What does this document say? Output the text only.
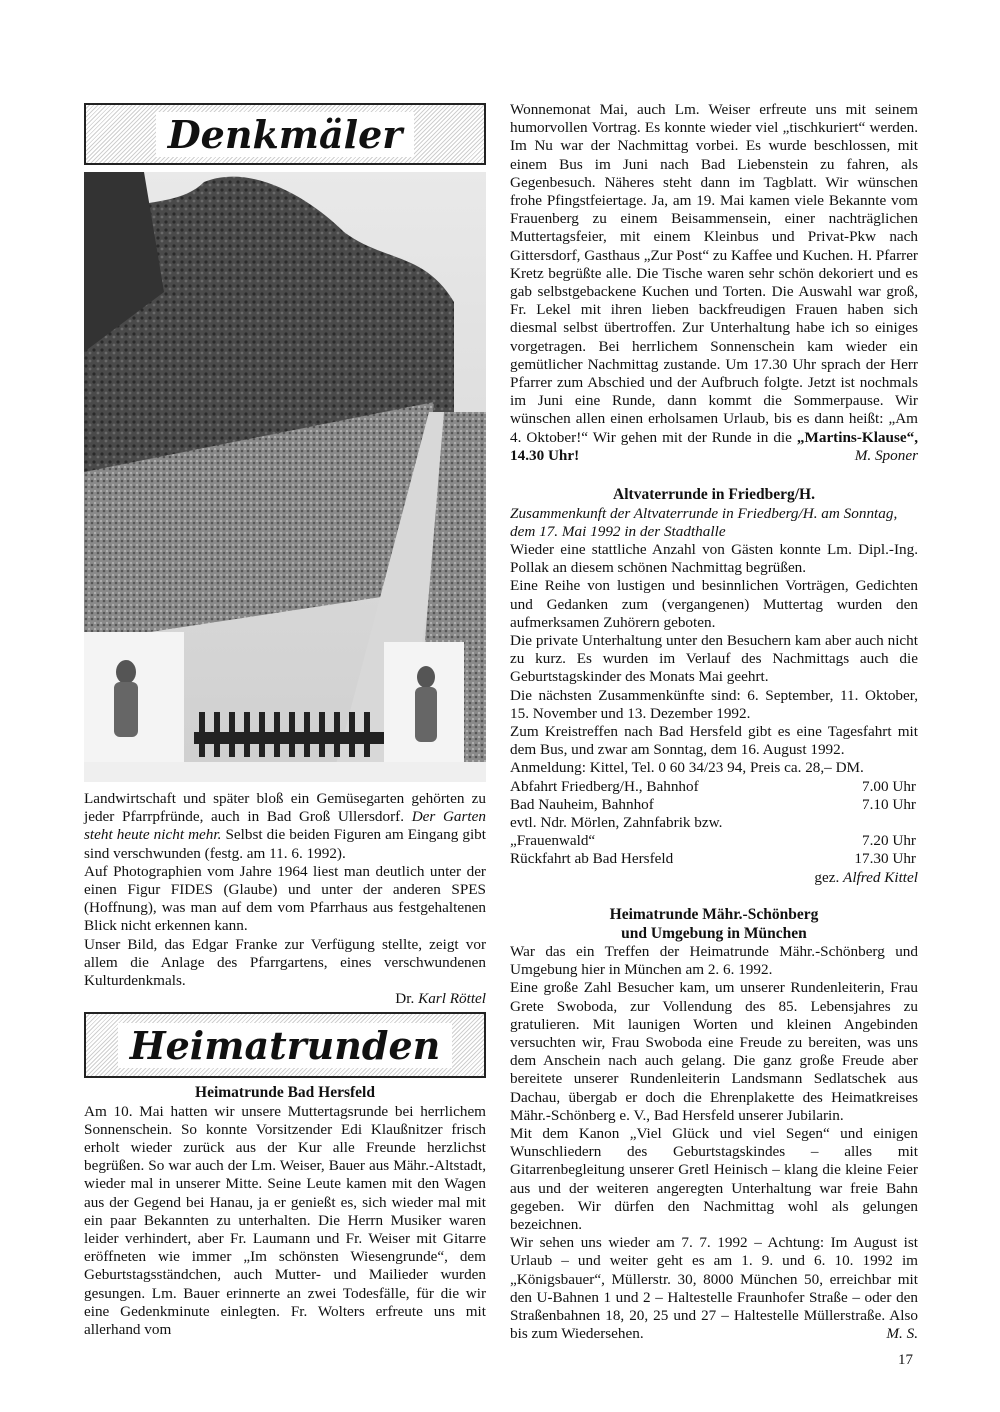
Denkmäler

Landwirtschaft und später bloß ein Gemüsegarten gehörten zu jeder Pfarrpfründe, auch in Bad Groß Ullersdorf. Der Garten steht heute nicht mehr. Selbst die beiden Figuren am Eingang gibt sind verschwunden (festg. am 11. 6. 1992).

Auf Photographien vom Jahre 1964 liest man deutlich unter der einen Figur FIDES (Glaube) und unter der anderen SPES (Hoffnung), was man auf dem vom Pfarrhaus aus festgehaltenen Blick nicht erkennen kann.

Unser Bild, das Edgar Franke zur Verfügung stellte, zeigt vor allem die Anlage des Pfarrgartens, eines verschwundenen Kulturdenkmals.

Dr. Karl Röttel
Heimatrunden
Heimatrunde Bad Hersfeld

Am 10. Mai hatten wir unsere Muttertagsrunde bei herrlichem Sonnenschein. So konnte Vorsitzender Edi Klaußnitzer frisch erholt wieder zurück aus der Kur alle Freunde herzlichst begrüßen. So war auch der Lm. Weiser, Bauer aus Mähr.-Altstadt, wieder mal in unserer Mitte. Seine Leute kamen mit den Wagen aus der Gegend bei Hanau, ja er genießt es, sich wieder mal mit ein paar Bekannten zu unterhalten. Die Herrn Musiker waren leider verhindert, aber Fr. Laumann und Fr. Weiser mit Gitarre eröffneten wie immer „Im schönsten Wiesengrunde“, dem Geburtstagsständchen, auch Mutter- und Mailieder wurden gesungen. Lm. Bauer erinnerte an zwei Todesfälle, für die wir eine Gedenkminute einlegten. Fr. Wolters erfreute uns mit allerhand vom

Wonnemonat Mai, auch Lm. Weiser erfreute uns mit seinem humorvollen Vortrag. Es konnte wieder viel „tischkuriert“ werden. Im Nu war der Nachmittag vorbei. Es wurde beschlossen, mit einem Bus im Juni nach Bad Liebenstein zu fahren, als Gegenbesuch. Näheres steht dann im Tagblatt. Wir wünschen frohe Pfingstfeiertage. Ja, am 19. Mai kamen viele Bekannte vom Frauenberg zu einem Beisammensein, einer nachträglichen Muttertagsfeier, mit einem Kleinbus und Privat-Pkw nach Gittersdorf, Gasthaus „Zur Post“ zu Kaffee und Kuchen. H. Pfarrer Kretz begrüßte alle. Die Tische waren sehr schön dekoriert und es gab selbstgebackene Kuchen und Torten. Die Auswahl war groß, Fr. Lekel mit ihren lieben backfreudigen Frauen haben sich diesmal selbst übertroffen. Zur Unterhaltung habe ich so einiges vorgetragen. Bei herrlichem Sonnenschein kam wieder ein gemütlicher Nachmittag zustande. Um 17.30 Uhr sprach der Herr Pfarrer zum Abschied und der Aufbruch folgte. Jetzt ist nochmals im Juni eine Runde, dann kommt die Sommerpause. Wir wünschen allen einen erholsamen Urlaub, bis es dann heißt: „Am 4. Oktober!“ Wir gehen mit der Runde in die „Martins-Klause“, 14.30 Uhr!	M. Sponer
Altvaterrunde in Friedberg/H.

Zusammenkunft der Altvaterrunde in Friedberg/H. am Sonntag, dem 17. Mai 1992 in der Stadthalle

Wieder eine stattliche Anzahl von Gästen konnte Lm. Dipl.-Ing. Pollak an diesem schönen Nachmittag begrüßen.

Eine Reihe von lustigen und besinnlichen Vorträgen, Gedichten und Gedanken zum (vergangenen) Muttertag wurden den aufmerksamen Zuhörern geboten.

Die private Unterhaltung unter den Besuchern kam aber auch nicht zu kurz. Es wurden im Verlauf des Nachmittags auch die Geburtstagskinder des Monats Mai geehrt.

Die nächsten Zusammenkünfte sind: 6. September, 11. Oktober, 15. November und 13. Dezember 1992.

Zum Kreistreffen nach Bad Hersfeld gibt es eine Tagesfahrt mit dem Bus, und zwar am Sonntag, dem 16. August 1992.

Anmeldung: Kittel, Tel. 0 60 34/23 94, Preis ca. 28,– DM.

Abfahrt Friedberg/H., Bahnhof	7.00 Uhr
Bad Nauheim, Bahnhof	7.10 Uhr
evtl. Ndr. Mörlen, Zahnfabrik bzw.
„Frauenwald“	7.20 Uhr
Rückfahrt ab Bad Hersfeld	17.30 Uhr
gez. Alfred Kittel
Heimatrunde Mähr.-Schönberg
und Umgebung in München

War das ein Treffen der Heimatrunde Mähr.-Schönberg und Umgebung hier in München am 2. 6. 1992.

Eine große Zahl Besucher kam, um unserer Rundenleiterin, Frau Grete Swoboda, zur Vollendung des 85. Lebensjahres zu gratulieren. Mit launigen Worten und kleinen Angebinden versuchten wir, Frau Swoboda eine Freude zu bereiten, was uns dem Anschein nach auch gelang. Die ganz große Freude aber bereitete unserer Rundenleiterin Landsmann Sedlatschek aus Dachau, übergab er doch die Ehrenplakette des Heimatkreises Mähr.-Schönberg e. V., Bad Hersfeld unserer Jubilarin.

Mit dem Kanon „Viel Glück und viel Segen“ und einigen Wunschliedern des Geburtstagskindes – alles mit Gitarrenbegleitung unserer Gretl Heinisch – klang die kleine Feier aus und der weiteren angeregten Unterhaltung war freie Bahn gegeben. Wir dürfen den Nachmittag wohl als gelungen bezeichnen.

Wir sehen uns wieder am 7. 7. 1992 – Achtung: Im August ist Urlaub – und weiter geht es am 1. 9. und 6. 10. 1992 im „Königsbauer“, Müllerstr. 30, 8000 München 50, erreichbar mit den U-Bahnen 1 und 2 – Haltestelle Fraunhofer Straße – oder den Straßenbahnen 18, 20, 25 und 27 – Haltestelle Müllerstraße. Also bis zum Wiedersehen.	M. S.
17
